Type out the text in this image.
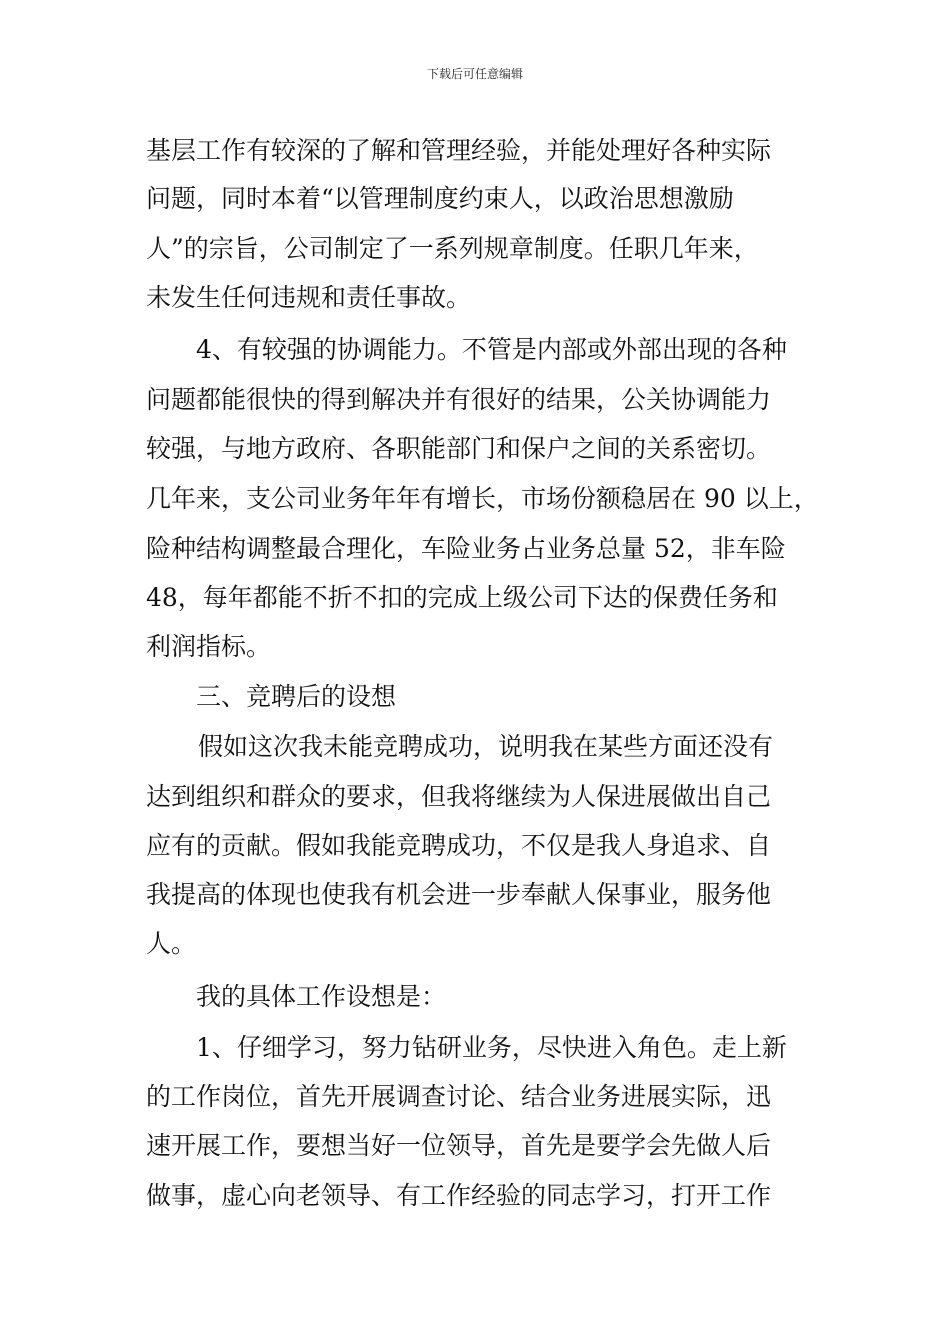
下载后可任意编辑
基层工作有较深的了解和管理经验，并能处理好各种实际
问题，同时本着“以管理制度约束人，以政治思想激励
人”的宗旨，公司制定了一系列规章制度。任职几年来，
未发生任何违规和责任事故。
4、有较强的协调能力。不管是内部或外部出现的各种
问题都能很快的得到解决并有很好的结果，公关协调能力
较强，与地方政府、各职能部门和保户之间的关系密切。
几年来，支公司业务年年有增长，市场份额稳居在 90 以上，
险种结构调整最合理化，车险业务占业务总量 52，非车险
48，每年都能不折不扣的完成上级公司下达的保费任务和
利润指标。
三、竞聘后的设想
假如这次我未能竞聘成功，说明我在某些方面还没有
达到组织和群众的要求，但我将继续为人保进展做出自己
应有的贡献。假如我能竞聘成功，不仅是我人身追求、自
我提高的体现也使我有机会进一步奉献人保事业，服务他
人。
我的具体工作设想是：
1、仔细学习，努力钻研业务，尽快进入角色。走上新
的工作岗位，首先开展调查讨论、结合业务进展实际，迅
速开展工作，要想当好一位领导，首先是要学会先做人后
做事，虚心向老领导、有工作经验的同志学习，打开工作
